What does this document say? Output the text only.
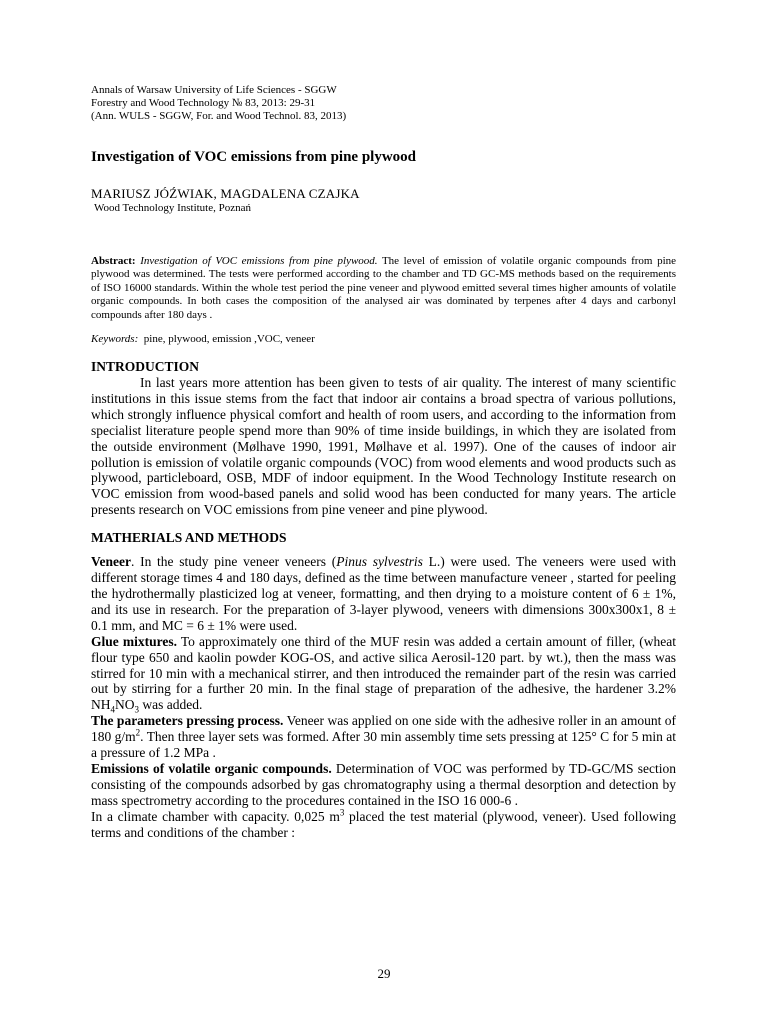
Annals of Warsaw University of Life Sciences - SGGW

Forestry and Wood Technology № 83, 2013: 29-31

(Ann. WULS - SGGW, For. and Wood Technol. 83, 2013)

Investigation of VOC emissions from pine plywood

MARIUSZ JÓŹWIAK, MAGDALENA CZAJKA

Wood Technology Institute, Poznań

Abstract: Investigation of VOC emissions from pine plywood. The level of emission of volatile organic compounds from pine plywood was determined. The tests were performed according to the chamber and TD GC-MS methods based on the requirements of ISO 16000 standards. Within the whole test period the pine veneer and plywood emitted several times higher amounts of volatile organic compounds. In both cases the composition of the analysed air was dominated by terpenes after 4 days and carbonyl compounds after 180 days .
Keywords: pine, plywood, emission ,VOC, veneer
INTRODUCTION

In last years more attention has been given to tests of air quality. The interest of many scientific institutions in this issue stems from the fact that indoor air contains a broad spectra of various pollutions, which strongly influence physical comfort and health of room users, and according to the information from specialist literature people spend more than 90% of time inside buildings, in which they are isolated from the outside environment (Mølhave 1990, 1991, Mølhave et al. 1997). One of the causes of indoor air pollution is emission of volatile organic compounds (VOC) from wood elements and wood products such as plywood, particleboard, OSB, MDF of indoor equipment. In the Wood Technology Institute research on VOC emission from wood-based panels and solid wood has been conducted for many years. The article presents research on VOC emissions from pine veneer and pine plywood.

MATHERIALS AND METHODS

Veneer. In the study pine veneer veneers (Pinus sylvestris L.) were used. The veneers were used with different storage times 4 and 180 days, defined as the time between manufacture veneer , started for peeling the hydrothermally plasticized log at veneer, formatting, and then drying to a moisture content of 6 ± 1%, and its use in research. For the preparation of 3-layer plywood, veneers with dimensions 300x300x1, 8 ± 0.1 mm, and MC = 6 ± 1% were used.

Glue mixtures. To approximately one third of the MUF resin was added a certain amount of filler, (wheat flour type 650 and kaolin powder KOG-OS, and active silica Aerosil-120 part. by wt.), then the mass was stirred for 10 min with a mechanical stirrer, and then introduced the remainder part of the resin was carried out by stirring for a further 20 min. In the final stage of preparation of the adhesive, the hardener 3.2% $NH_4NO_3$ was added.

The parameters pressing process. Veneer was applied on one side with the adhesive roller in an amount of 180 $g/m^2$. Then three layer sets was formed. After 30 min assembly time sets pressing at 125° C for 5 min at a pressure of 1.2 MPa .

Emissions of volatile organic compounds. Determination of VOC was performed by TD-GC/MS section consisting of the compounds adsorbed by gas chromatography using a thermal desorption and detection by mass spectrometry according to the procedures contained in the ISO 16 000-6 .

In a climate chamber with capacity. 0,025 $m^3$ placed the test material (plywood, veneer). Used following terms and conditions of the chamber :

29
